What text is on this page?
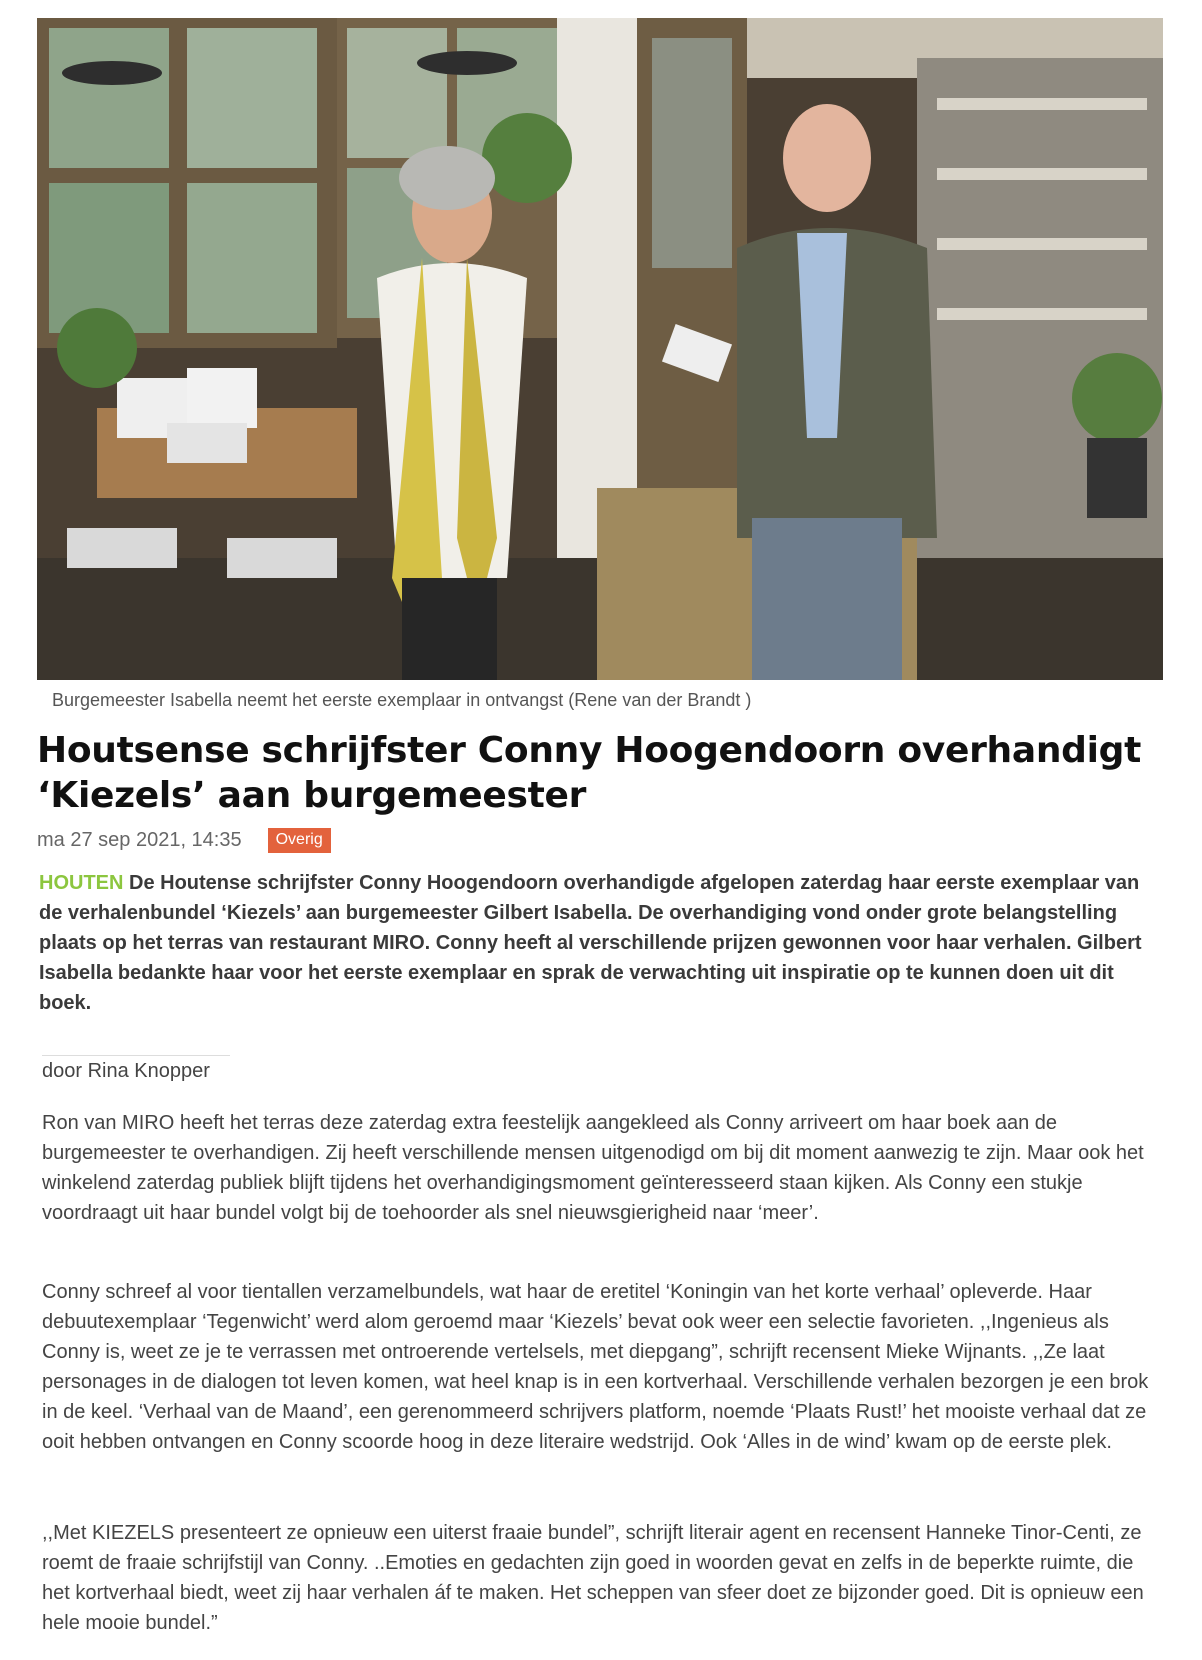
Burgemeester Isabella neemt het eerste exemplaar in ontvangst (Rene van der Brandt )
Houtsense schrijfster Conny Hoogendoorn overhandigt ‘Kiezels’ aan burgemeester
ma 27 sep 2021, 14:35	Overig

HOUTEN De Houtense schrijfster Conny Hoogendoorn overhandigde afgelopen zaterdag haar eerste exemplaar van de verhalenbundel ‘Kiezels’ aan burgemeester Gilbert Isabella. De overhandiging vond onder grote belangstelling plaats op het terras van restaurant MIRO. Conny heeft al verschillende prijzen gewonnen voor haar verhalen. Gilbert Isabella bedankte haar voor het eerste exemplaar en sprak de verwachting uit inspiratie op te kunnen doen uit dit boek.

door Rina Knopper

Ron van MIRO heeft het terras deze zaterdag extra feestelijk aangekleed als Conny arriveert om haar boek aan de burgemeester te overhandigen. Zij heeft verschillende mensen uitgenodigd om bij dit moment aanwezig te zijn. Maar ook het winkelend zaterdag publiek blijft tijdens het overhandigingsmoment geïnteresseerd staan kijken. Als Conny een stukje voordraagt uit haar bundel volgt bij de toehoorder als snel nieuwsgierigheid naar ‘meer’.

Conny schreef al voor tientallen verzamelbundels, wat haar de eretitel ‘Koningin van het korte verhaal’ opleverde. Haar debuutexemplaar ‘Tegenwicht’ werd alom geroemd maar ‘Kiezels’ bevat ook weer een selectie favorieten. ,,Ingenieus als Conny is, weet ze je te verrassen met ontroerende vertelsels, met diepgang”, schrijft recensent Mieke Wijnants. ,,Ze laat personages in de dialogen tot leven komen, wat heel knap is in een kortverhaal. Verschillende verhalen bezorgen je een brok in de keel. ‘Verhaal van de Maand’, een gerenommeerd schrijvers platform, noemde ‘Plaats Rust!’ het mooiste verhaal dat ze ooit hebben ontvangen en Conny scoorde hoog in deze literaire wedstrijd. Ook ‘Alles in de wind’ kwam op de eerste plek.

,,Met KIEZELS presenteert ze opnieuw een uiterst fraaie bundel”, schrijft literair agent en recensent Hanneke Tinor-Centi, ze roemt de fraaie schrijfstijl van Conny. ..Emoties en gedachten zijn goed in woorden gevat en zelfs in de beperkte ruimte, die het kortverhaal biedt, weet zij haar verhalen áf te maken. Het scheppen van sfeer doet ze bijzonder goed. Dit is opnieuw een hele mooie bundel.”
